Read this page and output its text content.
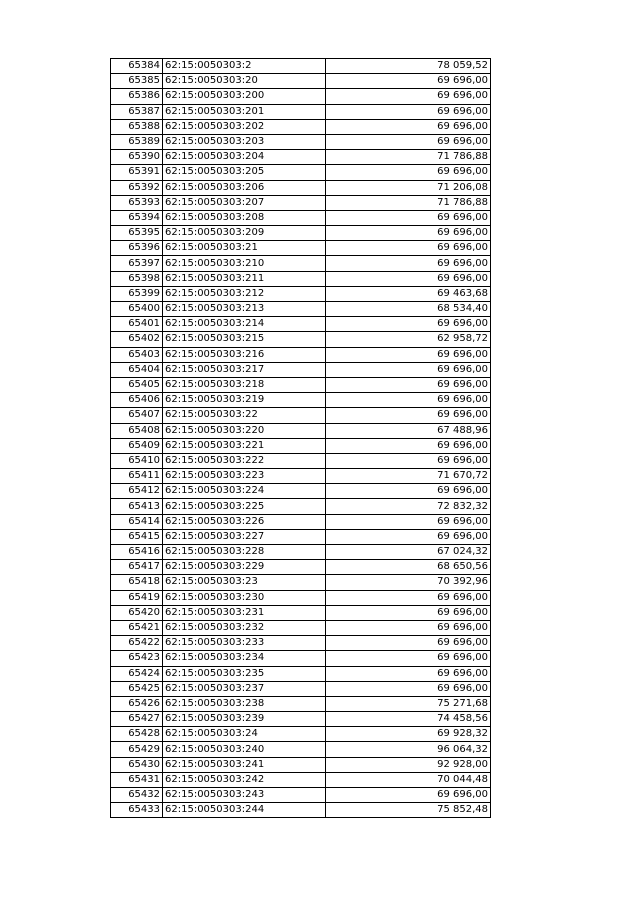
65384	62:15:0050303:2	78 059,52
65385	62:15:0050303:20	69 696,00
65386	62:15:0050303:200	69 696,00
65387	62:15:0050303:201	69 696,00
65388	62:15:0050303:202	69 696,00
65389	62:15:0050303:203	69 696,00
65390	62:15:0050303:204	71 786,88
65391	62:15:0050303:205	69 696,00
65392	62:15:0050303:206	71 206,08
65393	62:15:0050303:207	71 786,88
65394	62:15:0050303:208	69 696,00
65395	62:15:0050303:209	69 696,00
65396	62:15:0050303:21	69 696,00
65397	62:15:0050303:210	69 696,00
65398	62:15:0050303:211	69 696,00
65399	62:15:0050303:212	69 463,68
65400	62:15:0050303:213	68 534,40
65401	62:15:0050303:214	69 696,00
65402	62:15:0050303:215	62 958,72
65403	62:15:0050303:216	69 696,00
65404	62:15:0050303:217	69 696,00
65405	62:15:0050303:218	69 696,00
65406	62:15:0050303:219	69 696,00
65407	62:15:0050303:22	69 696,00
65408	62:15:0050303:220	67 488,96
65409	62:15:0050303:221	69 696,00
65410	62:15:0050303:222	69 696,00
65411	62:15:0050303:223	71 670,72
65412	62:15:0050303:224	69 696,00
65413	62:15:0050303:225	72 832,32
65414	62:15:0050303:226	69 696,00
65415	62:15:0050303:227	69 696,00
65416	62:15:0050303:228	67 024,32
65417	62:15:0050303:229	68 650,56
65418	62:15:0050303:23	70 392,96
65419	62:15:0050303:230	69 696,00
65420	62:15:0050303:231	69 696,00
65421	62:15:0050303:232	69 696,00
65422	62:15:0050303:233	69 696,00
65423	62:15:0050303:234	69 696,00
65424	62:15:0050303:235	69 696,00
65425	62:15:0050303:237	69 696,00
65426	62:15:0050303:238	75 271,68
65427	62:15:0050303:239	74 458,56
65428	62:15:0050303:24	69 928,32
65429	62:15:0050303:240	96 064,32
65430	62:15:0050303:241	92 928,00
65431	62:15:0050303:242	70 044,48
65432	62:15:0050303:243	69 696,00
65433	62:15:0050303:244	75 852,48
